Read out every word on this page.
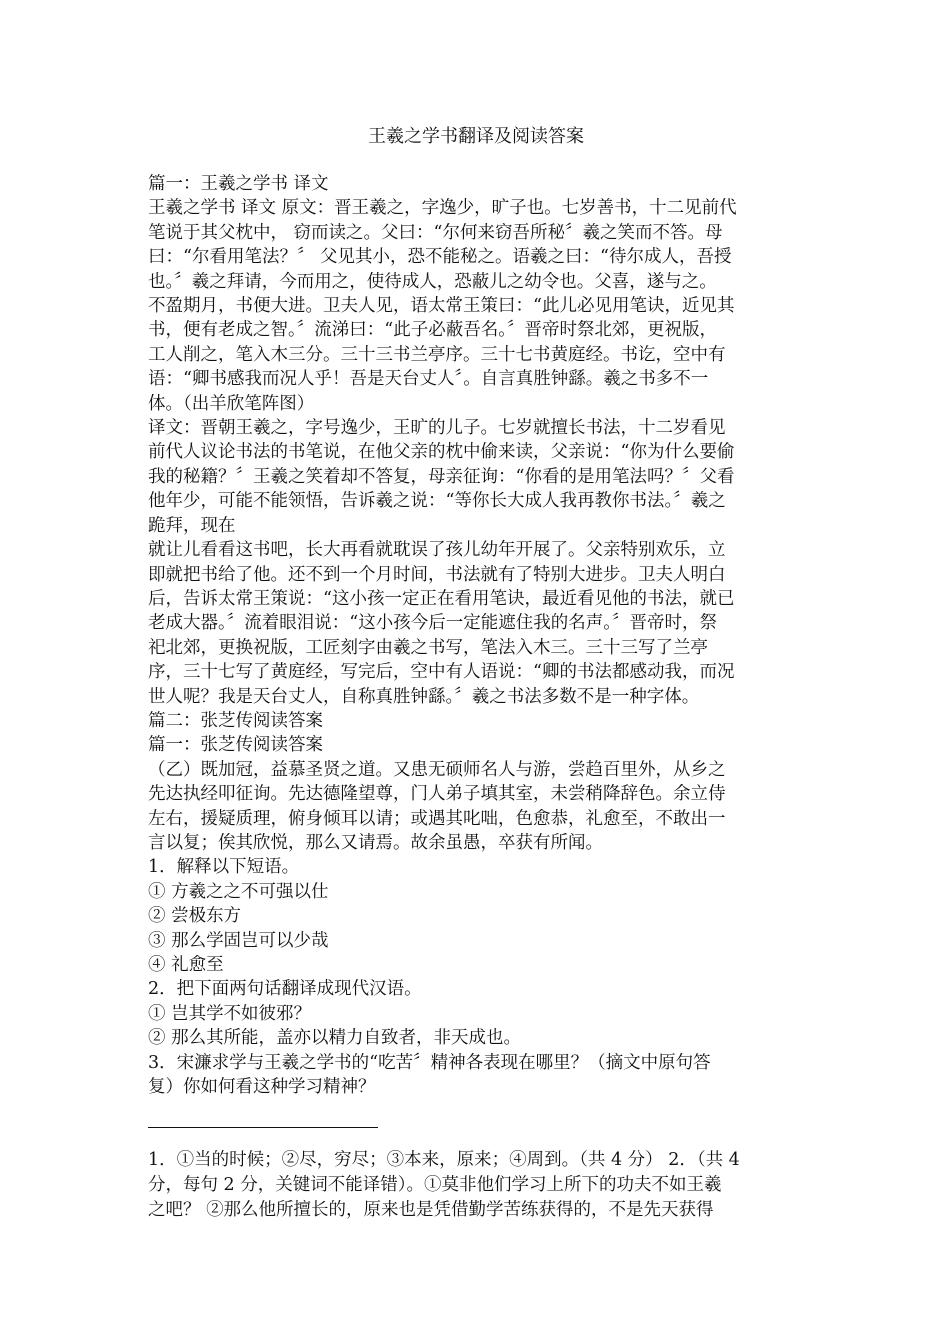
王羲之学书翻译及阅读答案

篇一：王羲之学书 译文

王羲之学书 译文 原文：晋王羲之，字逸少，旷子也。七岁善书，十二见前代

笔说于其父枕中， 窃而读之。父曰：“尔何来窃吾所秘〞羲之笑而不答。母

曰：“尔看用笔法？〞 父见其小，恐不能秘之。语羲之曰：“待尔成人，吾授

也。〞羲之拜请，今而用之，使待成人，恐蔽儿之幼令也。父喜，遂与之。

不盈期月，书便大进。卫夫人见，语太常王策曰：“此儿必见用笔诀，近见其

书，便有老成之智。〞流涕曰：“此子必蔽吾名。〞晋帝时祭北郊，更祝版，

工人削之，笔入木三分。三十三书兰亭序。三十七书黄庭经。书讫，空中有

语：“卿书感我而况人乎！吾是天台丈人〞。自言真胜钟繇。羲之书多不一

体。（出羊欣笔阵图）

译文：晋朝王羲之，字号逸少，王旷的儿子。七岁就擅长书法，十二岁看见

前代人议论书法的书笔说，在他父亲的枕中偷来读，父亲说：“你为什么要偷

我的秘籍？〞王羲之笑着却不答复，母亲征询：“你看的是用笔法吗？〞父看

他年少，可能不能领悟，告诉羲之说：“等你长大成人我再教你书法。〞羲之

跪拜，现在

就让儿看看这书吧，长大再看就耽误了孩儿幼年开展了。父亲特别欢乐，立

即就把书给了他。还不到一个月时间，书法就有了特别大进步。卫夫人明白

后，告诉太常王策说：“这小孩一定正在看用笔诀，最近看见他的书法，就已

老成大器。〞流着眼泪说：“这小孩今后一定能遮住我的名声。〞晋帝时，祭

祀北郊，更换祝版，工匠刻字由羲之书写，笔法入木三。三十三写了兰亭

序，三十七写了黄庭经，写完后，空中有人语说：“卿的书法都感动我，而况

世人呢？我是天台丈人，自称真胜钟繇。〞羲之书法多数不是一种字体。

篇二：张芝传阅读答案

篇一：张芝传阅读答案

（乙）既加冠，益慕圣贤之道。又患无硕师名人与游，尝趋百里外，从乡之

先达执经叩征询。先达德隆望尊，门人弟子填其室，未尝稍降辞色。余立侍

左右，援疑质理，俯身倾耳以请；或遇其叱咄，色愈恭，礼愈至，不敢出一

言以复；俟其欣悦，那么又请焉。故余虽愚，卒获有所闻。

1．解释以下短语。

① 方羲之之不可强以仕

② 尝极东方

③ 那么学固岂可以少哉

④ 礼愈至

2．把下面两句话翻译成现代汉语。

① 岂其学不如彼邪？

② 那么其所能，盖亦以精力自致者，非天成也。

3．宋濂求学与王羲之学书的“吃苦〞精神各表现在哪里？（摘文中原句答

复）你如何看这种学习精神？

1．①当的时候；②尽，穷尽；③本来，原来；④周到。（共 4 分） 2．（共 4

分，每句 2 分，关键词不能译错）。①莫非他们学习上所下的功夫不如王羲

之吧？ ②那么他所擅长的，原来也是凭借勤学苦练获得的，不是先天获得
